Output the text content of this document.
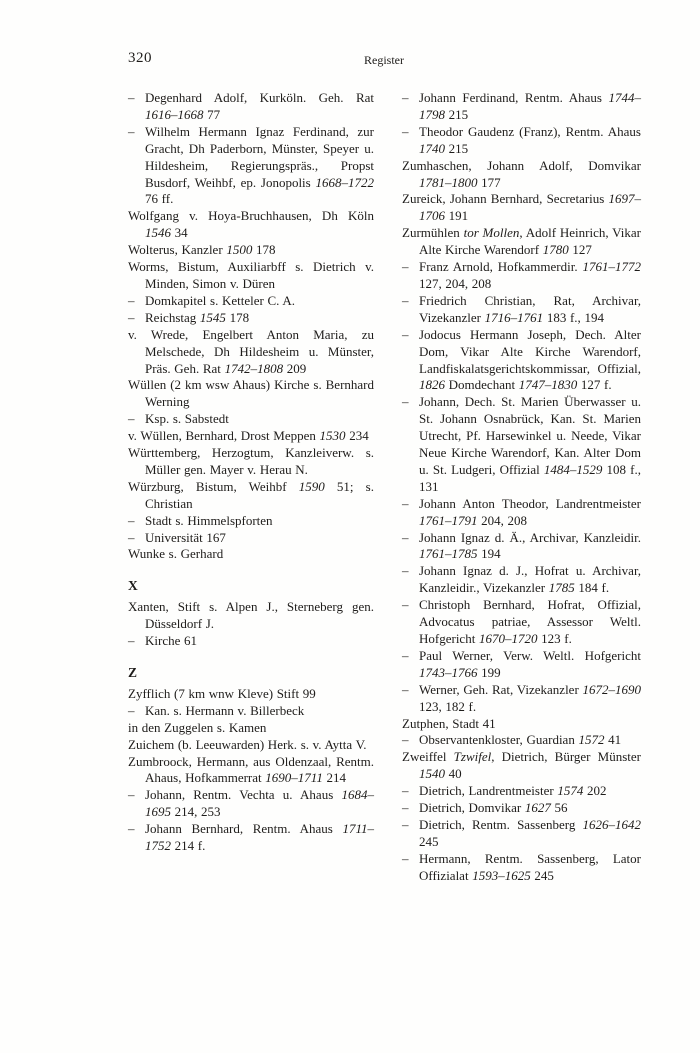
320	Register

– Degenhard Adolf, Kurköln. Geh. Rat 1616–1668 77

– Wilhelm Hermann Ignaz Ferdinand, zur Gracht, Dh Paderborn, Münster, Speyer u. Hildesheim, Regierungspräs., Propst Busdorf, Weihbf, ep. Jonopolis 1668–1722 76 ff.

Wolfgang v. Hoya-Bruchhausen, Dh Köln 1546 34

Wolterus, Kanzler 1500 178

Worms, Bistum, Auxiliarbff s. Dietrich v. Minden, Simon v. Düren

– Domkapitel s. Ketteler C. A.

– Reichstag 1545 178

v. Wrede, Engelbert Anton Maria, zu Melschede, Dh Hildesheim u. Münster, Präs. Geh. Rat 1742–1808 209

Wüllen (2 km wsw Ahaus) Kirche s. Bernhard Werning

– Ksp. s. Sabstedt

v. Wüllen, Bernhard, Drost Meppen 1530 234

Württemberg, Herzogtum, Kanzleiverw. s. Müller gen. Mayer v. Herau N.

Würzburg, Bistum, Weihbf 1590 51; s. Christian

– Stadt s. Himmelspforten

– Universität 167

Wunke s. Gerhard

X

Xanten, Stift s. Alpen J., Sterneberg gen. Düsseldorf J.

– Kirche 61

Z

Zyfflich (7 km wnw Kleve) Stift 99

– Kan. s. Hermann v. Billerbeck

in den Zuggelen s. Kamen

Zuichem (b. Leeuwarden) Herk. s. v. Aytta V.

Zumbroock, Hermann, aus Oldenzaal, Rentm. Ahaus, Hofkammerrat 1690–1711 214

– Johann, Rentm. Vechta u. Ahaus 1684–1695 214, 253

– Johann Bernhard, Rentm. Ahaus 1711–1752 214 f.

– Johann Ferdinand, Rentm. Ahaus 1744–1798 215

– Theodor Gaudenz (Franz), Rentm. Ahaus 1740 215

Zumhaschen, Johann Adolf, Domvikar 1781–1800 177

Zureick, Johann Bernhard, Secretarius 1697–1706 191

Zurmühlen tor Mollen, Adolf Heinrich, Vikar Alte Kirche Warendorf 1780 127

– Franz Arnold, Hofkammerdir. 1761–1772 127, 204, 208

– Friedrich Christian, Rat, Archivar, Vizekanzler 1716–1761 183 f., 194

– Jodocus Hermann Joseph, Dech. Alter Dom, Vikar Alte Kirche Warendorf, Landfiskalatsgerichtskommissar, Offizial, 1826 Domdechant 1747–1830 127 f.

– Johann, Dech. St. Marien Überwasser u. St. Johann Osnabrück, Kan. St. Marien Utrecht, Pf. Harsewinkel u. Neede, Vikar Neue Kirche Warendorf, Kan. Alter Dom u. St. Ludgeri, Offizial 1484–1529 108 f., 131

– Johann Anton Theodor, Landrentmeister 1761–1791 204, 208

– Johann Ignaz d. Ä., Archivar, Kanzleidir. 1761–1785 194

– Johann Ignaz d. J., Hofrat u. Archivar, Kanzleidir., Vizekanzler 1785 184 f.

– Christoph Bernhard, Hofrat, Offizial, Advocatus patriae, Assessor Weltl. Hofgericht 1670–1720 123 f.

– Paul Werner, Verw. Weltl. Hofgericht 1743–1766 199

– Werner, Geh. Rat, Vizekanzler 1672–1690 123, 182 f.

Zutphen, Stadt 41

– Observantenkloster, Guardian 1572 41

Zweiffel Tzwifel, Dietrich, Bürger Münster 1540 40

– Dietrich, Landrentmeister 1574 202

– Dietrich, Domvikar 1627 56

– Dietrich, Rentm. Sassenberg 1626–1642 245

– Hermann, Rentm. Sassenberg, Lator Offizialat 1593–1625 245
